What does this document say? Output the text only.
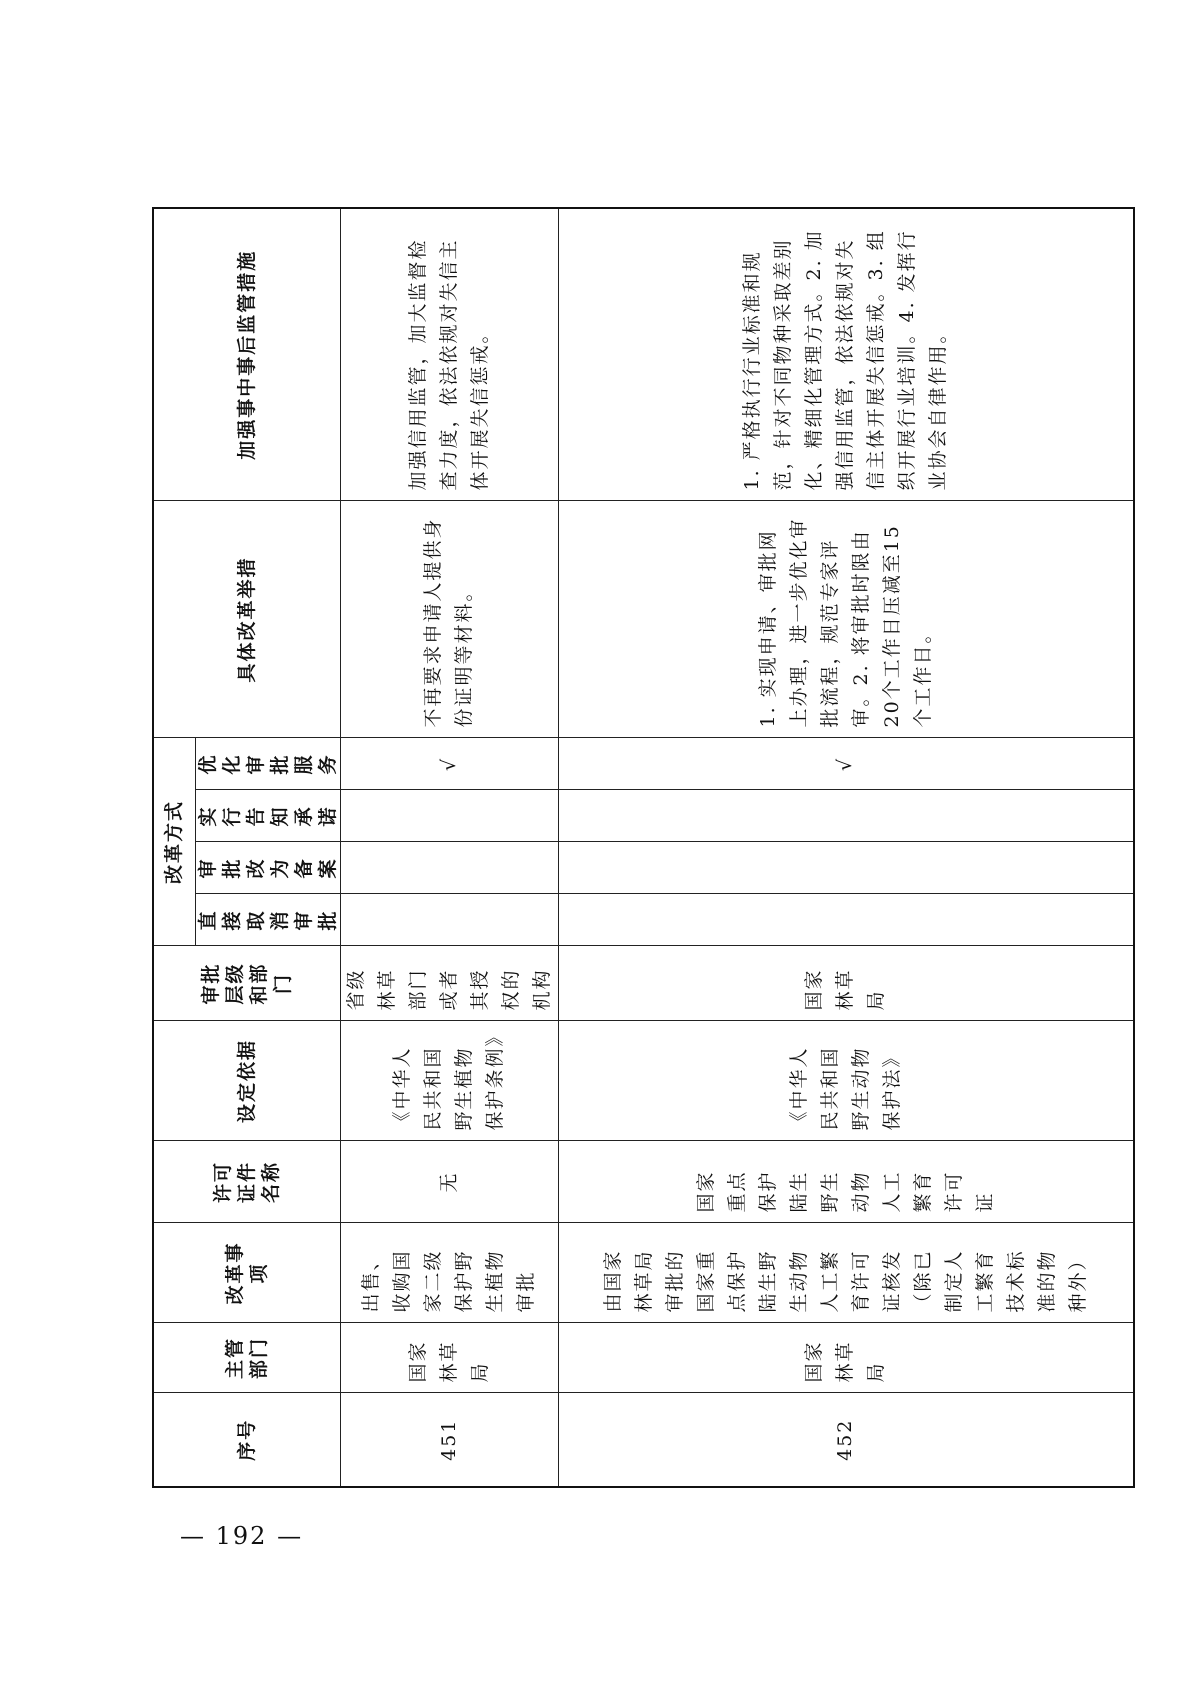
序号	主管部门	改革事项	许可证件名称	设定依据	审批层级和部门	改革方式				具体改革举措	加强事中事后监管措施
						直接取消审批	审批改为备案	实行告知承诺	优化审批服务		
451	国家林草局	出售、收购国家二级保护野生植物审批	无	《中华人民共和国野生植物保护条例》	省级林草部门或者其授权的机构				√	不再要求申请人提供身份证明等材料。	加强信用监管，加大监督检查力度，依法依规对失信主体开展失信惩戒。
452	国家林草局	由国家林草局审批的国家重点保护陆生野生动物人工繁育许可证核发（除已制定人工繁育技术标准的物种外）	国家重点保护陆生野生动物人工繁育许可证	《中华人民共和国野生动物保护法》	国家林草局				√	1. 实现申请、审批网上办理，进一步优化审批流程，规范专家评审。2. 将审批时限由20个工作日压减至15个工作日。	1. 严格执行行业标准和规范，针对不同物种采取差别化、精细化管理方式。2. 加强信用监管，依法依规对失信主体开展失信惩戒。3. 组织开展行业培训。4. 发挥行业协会自律作用。
— 192 —
